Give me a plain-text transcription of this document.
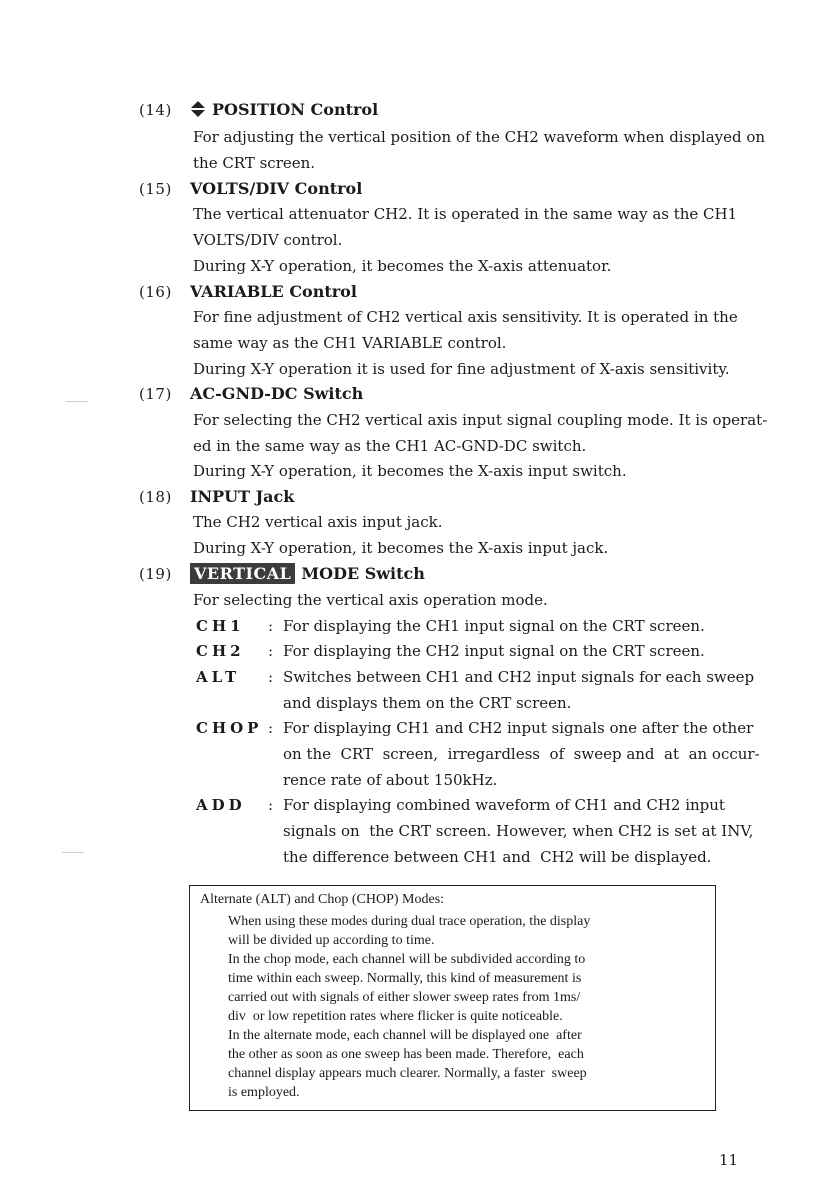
(14)	POSITION Control
For adjusting the vertical position of the CH2 waveform when displayed on
the CRT screen.
(15) VOLTS/DIV Control
The vertical attenuator CH2. It is operated in the same way as the CH1
VOLTS/DIV control.
During X-Y operation, it becomes the X-axis attenuator.
(16) VARIABLE Control
For fine adjustment of CH2 vertical axis sensitivity. It is operated in the
same way as the CH1 VARIABLE control.
During X-Y operation it is used for fine adjustment of X-axis sensitivity.
(17) AC-GND-DC Switch
For selecting the CH2 vertical axis input signal coupling mode. It is operat-
ed in the same way as the CH1 AC-GND-DC switch.
During X-Y operation, it becomes the X-axis input switch.
(18) INPUT Jack
The CH2 vertical axis input jack.
During X-Y operation, it becomes the X-axis input jack.
(19) VERTICAL MODE Switch
For selecting the vertical axis operation mode.
CH1 : For displaying the CH1 input signal on the CRT screen.
CH2 : For displaying the CH2 input signal on the CRT screen.
ALT : Switches between CH1 and CH2 input signals for each sweep
and displays them on the CRT screen.
CHOP : For displaying CH1 and CH2 input signals one after the other
on the  CRT  screen,  irregardless  of  sweep and  at  an occur-
rence rate of about 150kHz.
ADD : For displaying combined waveform of CH1 and CH2 input
signals on  the CRT screen. However, when CH2 is set at INV,
the difference between CH1 and  CH2 will be displayed.
Alternate (ALT) and Chop (CHOP) Modes:
When using these modes during dual trace operation, the display
will be divided up according to time.
In the chop mode, each channel will be subdivided according to
time within each sweep. Normally, this kind of measurement is
carried out with signals of either slower sweep rates from 1ms/
div  or low repetition rates where flicker is quite noticeable.
In the alternate mode, each channel will be displayed one  after
the other as soon as one sweep has been made. Therefore,  each
channel display appears much clearer. Normally, a faster  sweep
is employed.
11
